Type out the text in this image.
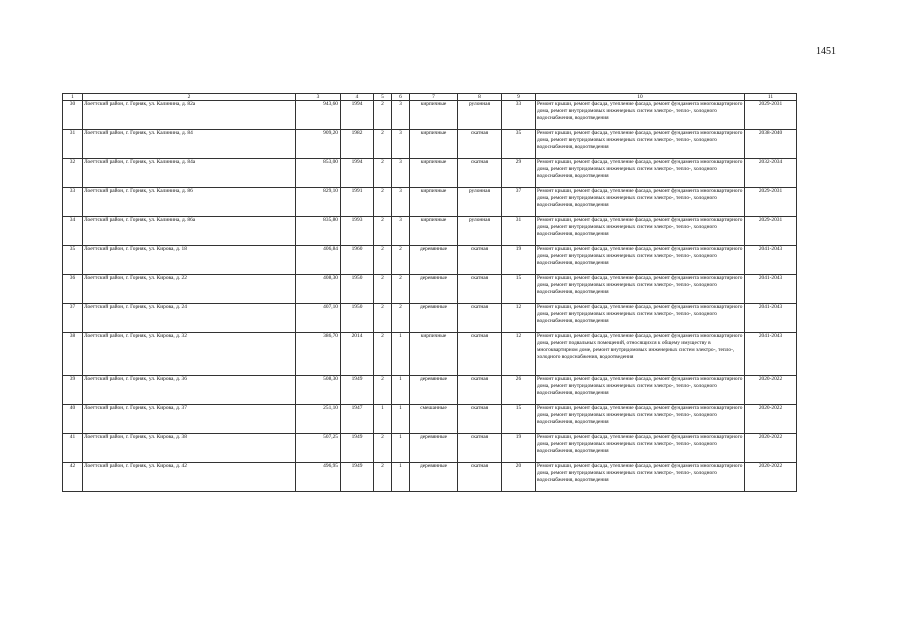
1451
1	2	3	4	5	6	7	8	9	10	11
30	Лоеттский район, г. Горняк, ул. Калинина, д. 82а	943,60	1994	2	3	кирпичные	рулонная	33	Ремонт крыши, ремонт фасада, утепление фасада, ремонт фундамента многоквартирного дома, ремонт внутридомовых инженерных систем электро-, тепло-, холодного водоснабжения, водоотведения	2029-2031
31	Лоеттский район, г. Горняк, ул. Калинина, д. 84	909,20	1982	2	3	кирпичные	скатная	35	Ремонт крыши, ремонт фасада, утепление фасада, ремонт фундамента многоквартирного дома, ремонт внутридомовых инженерных систем электро-, тепло-, холодного водоснабжения, водоотведения	2038-2040
32	Лоеттский район, г. Горняк, ул. Калинина, д. 84а	853,00	1994	2	3	кирпичные	скатная	29	Ремонт крыши, ремонт фасада, утепление фасада, ремонт фундамента многоквартирного дома, ремонт внутридомовых инженерных систем электро-, тепло-, холодного водоснабжения, водоотведения	2032-2034
33	Лоеттский район, г. Горняк, ул. Калинина, д. 86	829,10	1991	2	3	кирпичные	рулонная	37	Ремонт крыши, ремонт фасада, утепление фасада, ремонт фундамента многоквартирного дома, ремонт внутридомовых инженерных систем электро-, тепло-, холодного водоснабжения, водоотведения	2029-2031
34	Лоеттский район, г. Горняк, ул. Калинина, д. 86а	835,80	1993	2	3	кирпичные	рулонная	31	Ремонт крыши, ремонт фасада, утепление фасада, ремонт фундамента многоквартирного дома, ремонт внутридомовых инженерных систем электро-, тепло-, холодного водоснабжения, водоотведения	2029-2031
35	Лоеттский район, г. Горняк, ул. Кирова, д. 18	406,84	1960	2	2	деревянные	скатная	19	Ремонт крыши, ремонт фасада, утепление фасада, ремонт фундамента многоквартирного дома, ремонт внутридомовых инженерных систем электро-, тепло-, холодного водоснабжения, водоотведения	2041-2043
36	Лоеттский район, г. Горняк, ул. Кирова, д. 22	408,30	1950	2	2	деревянные	скатная	15	Ремонт крыши, ремонт фасада, утепление фасада, ремонт фундамента многоквартирного дома, ремонт внутридомовых инженерных систем электро-, тепло-, холодного водоснабжения, водоотведения	2041-2043
37	Лоеттский район, г. Горняк, ул. Кирова, д. 24	407,10	1950	2	2	деревянные	скатная	12	Ремонт крыши, ремонт фасада, утепление фасада, ремонт фундамента многоквартирного дома, ремонт внутридомовых инженерных систем электро-, тепло-, холодного водоснабжения, водоотведения	2041-2043
38	Лоеттский район, г. Горняк, ул. Кирова, д. 32	386,70	2014	2	1	кирпичные	скатная	12	Ремонт крыши, ремонт фасада, утепление фасада, ремонт фундамента многоквартирного дома, ремонт подвальных помещений, относящихся к общему имуществу в многоквартирном доме, ремонт внутридомовых инженерных систем электро-, тепло-, холодного водоснабжения, водоотведения	2041-2043
39	Лоеттский район, г. Горняк, ул. Кирова, д. 36	508,30	1949	2	1	деревянные	скатная	26	Ремонт крыши, ремонт фасада, утепление фасада, ремонт фундамента многоквартирного дома, ремонт внутридомовых инженерных систем электро-, тепло-, холодного водоснабжения, водоотведения	2020-2022
40	Лоеттский район, г. Горняк, ул. Кирова, д. 37	251,10	1947	1	1	смешанные	скатная	15	Ремонт крыши, ремонт фасада, утепление фасада, ремонт фундамента многоквартирного дома, ремонт внутридомовых инженерных систем электро-, тепло-, холодного водоснабжения, водоотведения	2020-2022
41	Лоеттский район, г. Горняк, ул. Кирова, д. 38	507,25	1949	2	1	деревянные	скатная	19	Ремонт крыши, ремонт фасада, утепление фасада, ремонт фундамента многоквартирного дома, ремонт внутридомовых инженерных систем электро-, тепло-, холодного водоснабжения, водоотведения	2020-2022
42	Лоеттский район, г. Горняк, ул. Кирова, д. 42	496,95	1949	2	1	деревянные	скатная	20	Ремонт крыши, ремонт фасада, утепление фасада, ремонт фундамента многоквартирного дома, ремонт внутридомовых инженерных систем электро-, тепло-, холодного водоснабжения, водоотведения	2020-2022
